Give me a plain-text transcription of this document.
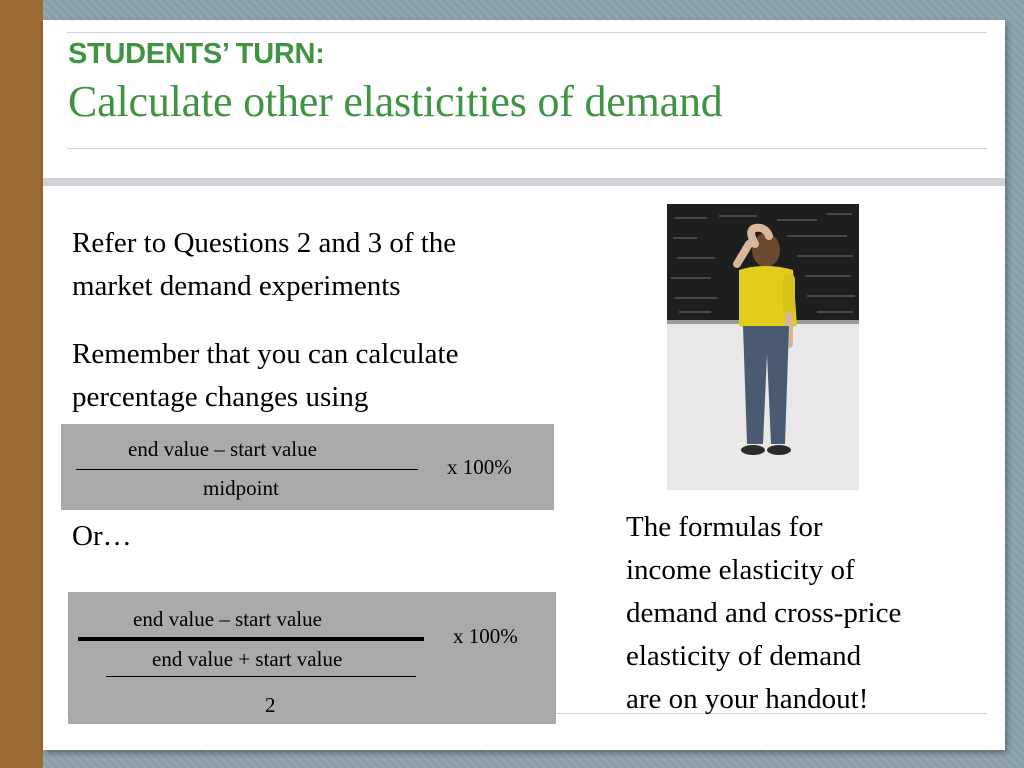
STUDENTS’ TURN:
Calculate other elasticities of demand
Refer to Questions 2 and 3 of the
market demand experiments
Remember that you can calculate
percentage changes using
end value – start value
midpoint
x 100%
Or…
end value – start value
end value + start value
2
x 100%
The formulas for
income elasticity of
demand and cross-price
elasticity of demand
are on your handout!
